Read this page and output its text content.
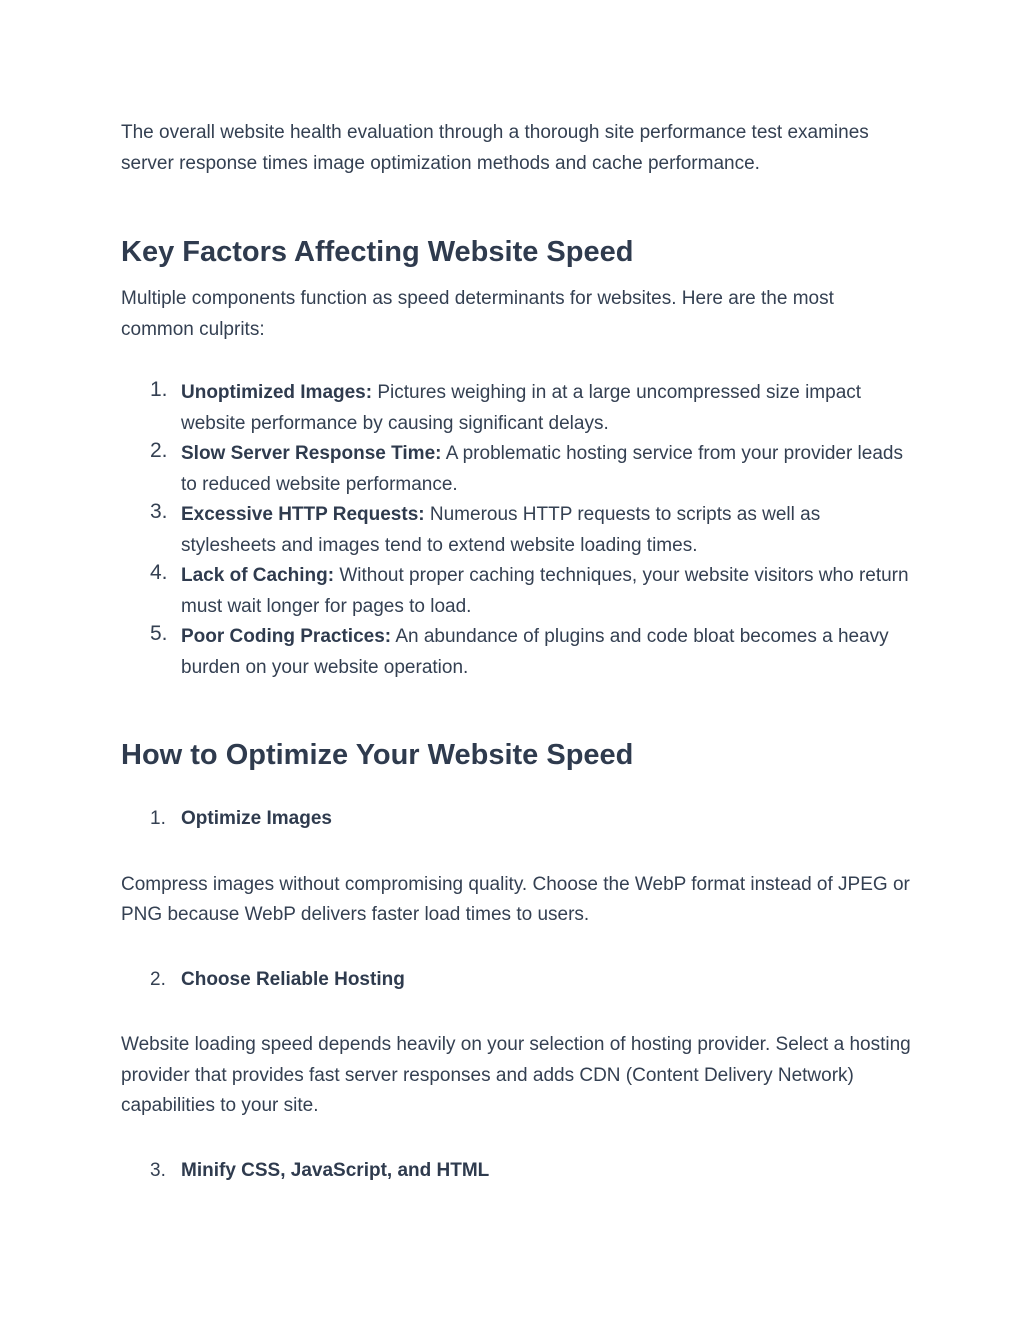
The overall website health evaluation through a thorough site performance test examines server response times image optimization methods and cache performance.

Key Factors Affecting Website Speed

Multiple components function as speed determinants for websites. Here are the most common culprits:

1. Unoptimized Images: Pictures weighing in at a large uncompressed size impact website performance by causing significant delays.
2. Slow Server Response Time: A problematic hosting service from your provider leads to reduced website performance.
3. Excessive HTTP Requests: Numerous HTTP requests to scripts as well as stylesheets and images tend to extend website loading times.
4. Lack of Caching: Without proper caching techniques, your website visitors who return must wait longer for pages to load.
5. Poor Coding Practices: An abundance of plugins and code bloat becomes a heavy burden on your website operation.
How to Optimize Your Website Speed
1. Optimize Images

Compress images without compromising quality. Choose the WebP format instead of JPEG or PNG because WebP delivers faster load times to users.

2. Choose Reliable Hosting

Website loading speed depends heavily on your selection of hosting provider. Select a hosting provider that provides fast server responses and adds CDN (Content Delivery Network) capabilities to your site.

3. Minify CSS, JavaScript, and HTML
